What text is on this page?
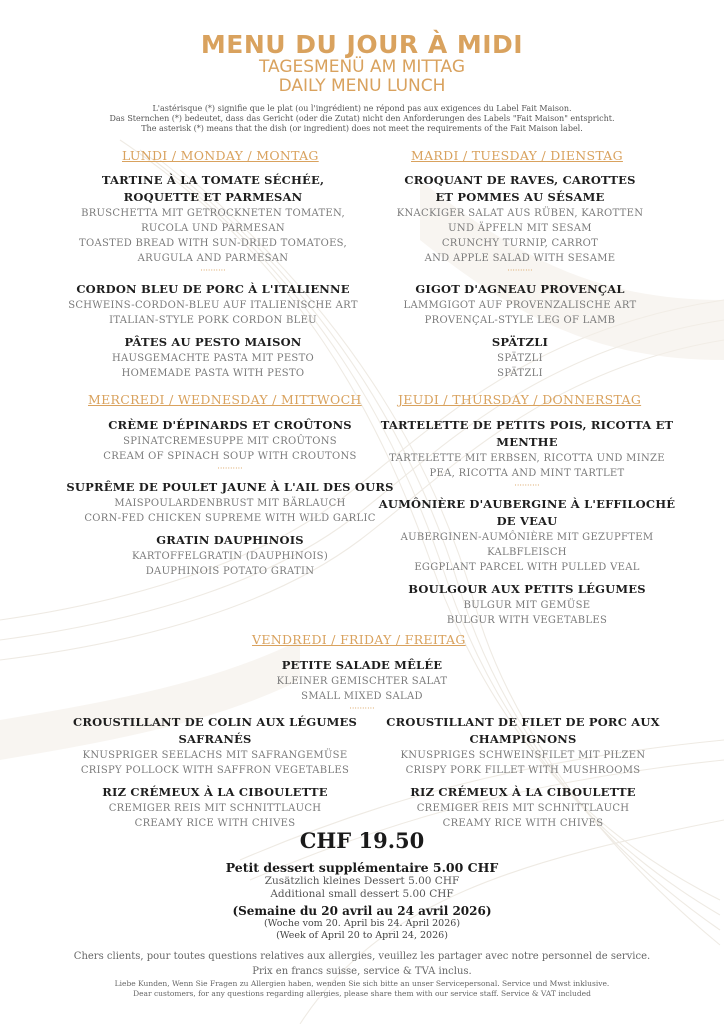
MENU DU JOUR À MIDI
TAGESMENÜ AM MITTAG
DAILY MENU LUNCH
L'astérisque (*) signifie que le plat (ou l'ingrédient) ne répond pas aux exigences du Label Fait Maison.
Das Sternchen (*) bedeutet, dass das Gericht (oder die Zutat) nicht den Anforderungen des Labels "Fait Maison" entspricht.
The asterisk (*) means that the dish (or ingredient) does not meet the requirements of the Fait Maison label.
LUNDI / MONDAY / MONTAG
TARTINE À LA TOMATE SÉCHÉE,
ROQUETTE ET PARMESAN
BRUSCHETTA MIT GETROCKNETEN TOMATEN,
RUCOLA UND PARMESAN
TOASTED BREAD WITH SUN-DRIED TOMATOES,
ARUGULA AND PARMESAN
··········
CORDON BLEU DE PORC À L'ITALIENNE
SCHWEINS-CORDON-BLEU AUF ITALIENISCHE ART
ITALIAN-STYLE PORK CORDON BLEU
PÂTES AU PESTO MAISON
HAUSGEMACHTE PASTA MIT PESTO
HOMEMADE PASTA WITH PESTO
MARDI / TUESDAY / DIENSTAG
CROQUANT DE RAVES, CAROTTES
ET POMMES AU SÉSAME
KNACKIGER SALAT AUS RÜBEN, KAROTTEN
UND ÄPFELN MIT SESAM
CRUNCHY TURNIP, CARROT
AND APPLE SALAD WITH SESAME
··········
GIGOT D'AGNEAU PROVENÇAL
LAMMGIGOT AUF PROVENZALISCHE ART
PROVENÇAL-STYLE LEG OF LAMB
SPÄTZLI
SPÄTZLI
SPÄTZLI
MERCREDI / WEDNESDAY / MITTWOCH
CRÈME D'ÉPINARDS ET CROÛTONS
SPINATCREMESUPPE MIT CROÛTONS
CREAM OF SPINACH SOUP WITH CROUTONS
··········
SUPRÊME DE POULET JAUNE À L'AIL DES OURS
MAISPOULARDENBRUST MIT BÄRLAUCH
CORN-FED CHICKEN SUPREME WITH WILD GARLIC
GRATIN DAUPHINOIS
KARTOFFELGRATIN (DAUPHINOIS)
DAUPHINOIS POTATO GRATIN
JEUDI / THURSDAY / DONNERSTAG
TARTELETTE DE PETITS POIS, RICOTTA ET
MENTHE
TARTELETTE MIT ERBSEN, RICOTTA UND MINZE
PEA, RICOTTA AND MINT TARTLET
··········
AUMÔNIÈRE D'AUBERGINE À L'EFFILOCHÉ
DE VEAU
AUBERGINEN-AUMÔNIÈRE MIT GEZUPFTEM
KALBFLEISCH
EGGPLANT PARCEL WITH PULLED VEAL
BOULGOUR AUX PETITS LÉGUMES
BULGUR MIT GEMÜSE
BULGUR WITH VEGETABLES
VENDREDI / FRIDAY / FREITAG
PETITE SALADE MÊLÉE
KLEINER GEMISCHTER SALAT
SMALL MIXED SALAD
··········
CROUSTILLANT DE COLIN AUX LÉGUMES
SAFRANÉS
KNUSPRIGER SEELACHS MIT SAFRANGEMÜSE
CRISPY POLLOCK WITH SAFFRON VEGETABLES
RIZ CRÉMEUX À LA CIBOULETTE
CREMIGER REIS MIT SCHNITTLAUCH
CREAMY RICE WITH CHIVES
CROUSTILLANT DE FILET DE PORC AUX
CHAMPIGNONS
KNUSPRIGES SCHWEINSFILET MIT PILZEN
CRISPY PORK FILLET WITH MUSHROOMS
RIZ CRÉMEUX À LA CIBOULETTE
CREMIGER REIS MIT SCHNITTLAUCH
CREAMY RICE WITH CHIVES
CHF 19.50
Petit dessert supplémentaire 5.00 CHF
Zusätzlich kleines Dessert 5.00 CHF
Additional small dessert 5.00 CHF
(Semaine du 20 avril au 24 avril 2026)
(Woche vom 20. April bis 24. April 2026)
(Week of April 20 to April 24, 2026)
Chers clients, pour toutes questions relatives aux allergies, veuillez les partager avec notre personnel de service.
Prix en francs suisse, service & TVA inclus.
Liebe Kunden, Wenn Sie Fragen zu Allergien haben, wenden Sie sich bitte an unser Servicepersonal. Service und Mwst inklusive.
Dear customers, for any questions regarding allergies, please share them with our service staff. Service & VAT included
